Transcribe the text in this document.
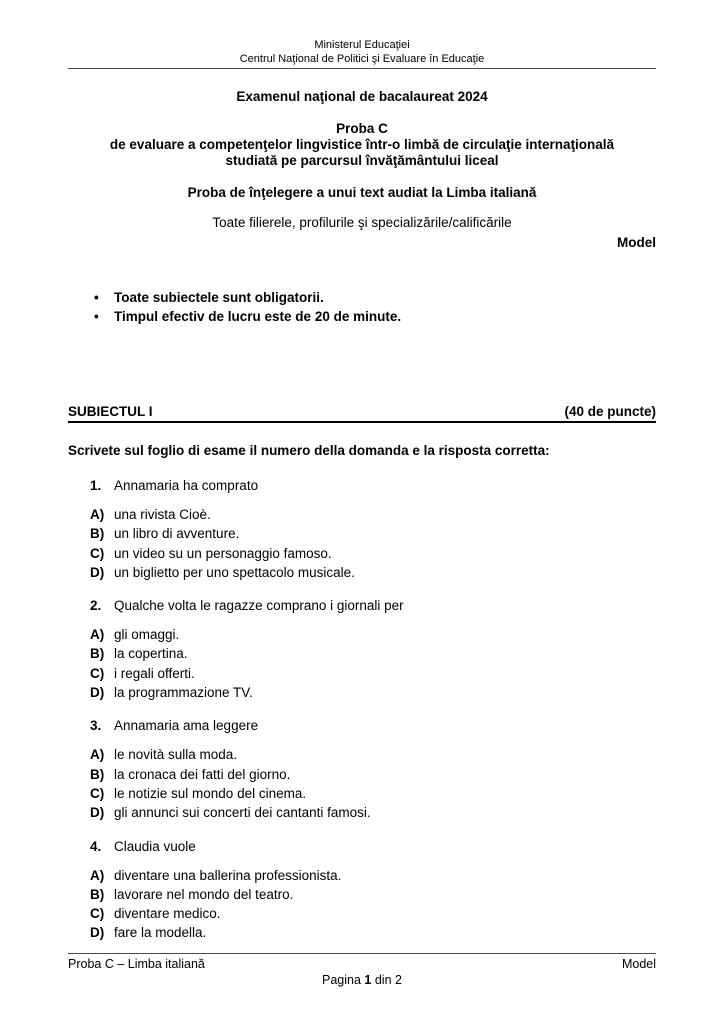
Ministerul Educaţiei
Centrul Naţional de Politici şi Evaluare în Educaţie
Examenul naţional de bacalaureat 2024
Proba C
de evaluare a competenţelor lingvistice într-o limbă de circulaţie internaţională
studiată pe parcursul învăţământului liceal
Proba de înţelegere a unui text audiat la Limba italiană
Toate filierele, profilurile şi specializările/calificările
Model
• Toate subiectele sunt obligatorii.
• Timpul efectiv de lucru este de 20 de minute.
SUBIECTUL I	(40 de puncte)
Scrivete sul foglio di esame il numero della domanda e la risposta corretta:
1. Annamaria ha comprato
A) una rivista Cioè.
B) un libro di avventure.
C) un video su un personaggio famoso.
D) un biglietto per uno spettacolo musicale.
2. Qualche volta le ragazze comprano i giornali per
A) gli omaggi.
B) la copertina.
C) i regali offerti.
D) la programmazione TV.
3. Annamaria ama leggere
A) le novità sulla moda.
B) la cronaca dei fatti del giorno.
C) le notizie sul mondo del cinema.
D) gli annunci sui concerti dei cantanti famosi.
4. Claudia vuole
A) diventare una ballerina professionista.
B) lavorare nel mondo del teatro.
C) diventare medico.
D) fare la modella.
Proba C – Limba italiană	Model
Pagina 1 din 2
